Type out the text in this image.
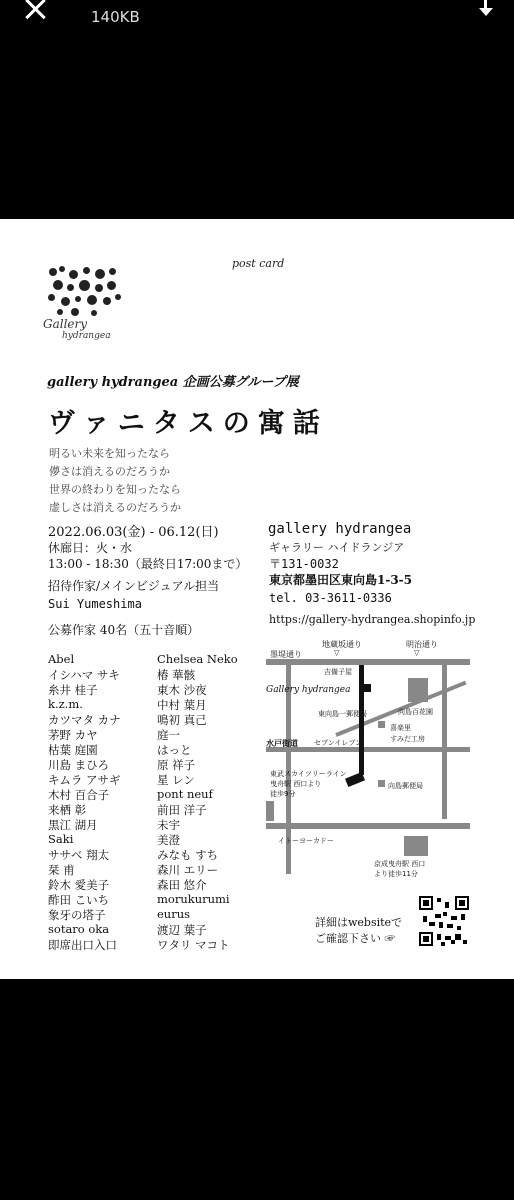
140KB
post card
Gallery
hydrangea
gallery hydrangea 企画公募グループ展
ヴァニタスの寓話
明るい未来を知ったなら
儚さは消えるのだろうか
世界の終わりを知ったなら
虚しさは消えるのだろうか
2022.06.03(金) - 06.12(日)
休廊日：火・水
13:00 - 18:30（最終日17:00まで）
招待作家/メインビジュアル担当
Sui Yumeshima
公募作家 40名（五十音順）
Abel
イシハマ サキ
糸井 桂子
k.z.m.
カツマタ カナ
茅野 カヤ
枯葉 庭園
川島 まひろ
キムラ アサギ
木村 百合子
来栖 彰
黒江 湖月
Saki
ササベ 翔太
栞 甫
鈴木 愛美子
酢田 こいち
象牙の塔子
sotaro oka
即席出口入口
Chelsea Neko
椿 華骸
東木 沙夜
中村 葉月
鳴初 真己
庭一
はっと
原 祥子
星 レン
pont neuf
前田 洋子
未宇
美澄
みなも すち
森川 エリー
森田 悠介
morukurumi
eurus
渡辺 葉子
ワタリ マコト
gallery hydrangea
ギャラリー ハイドランジア
〒131-0032
東京都墨田区東向島1-3-5
tel. 03-3611-0336
https://gallery-hydrangea.shopinfo.jp
地蔵坂通り	明治通り
▽	▽
墨堤通り
吉備子屋
Gallery hydrangea
東向島一郵便局	向島百花園
喜楽里
すみだ工房
水戸街道 セブンイレブン
東武スカイツリーライン
曳舟駅 西口より
徒歩9分
向島郵便局
イトーヨーカドー
京成曳舟駅 西口
より徒歩11分
詳細はwebsiteで
ご確認下さい ☞
